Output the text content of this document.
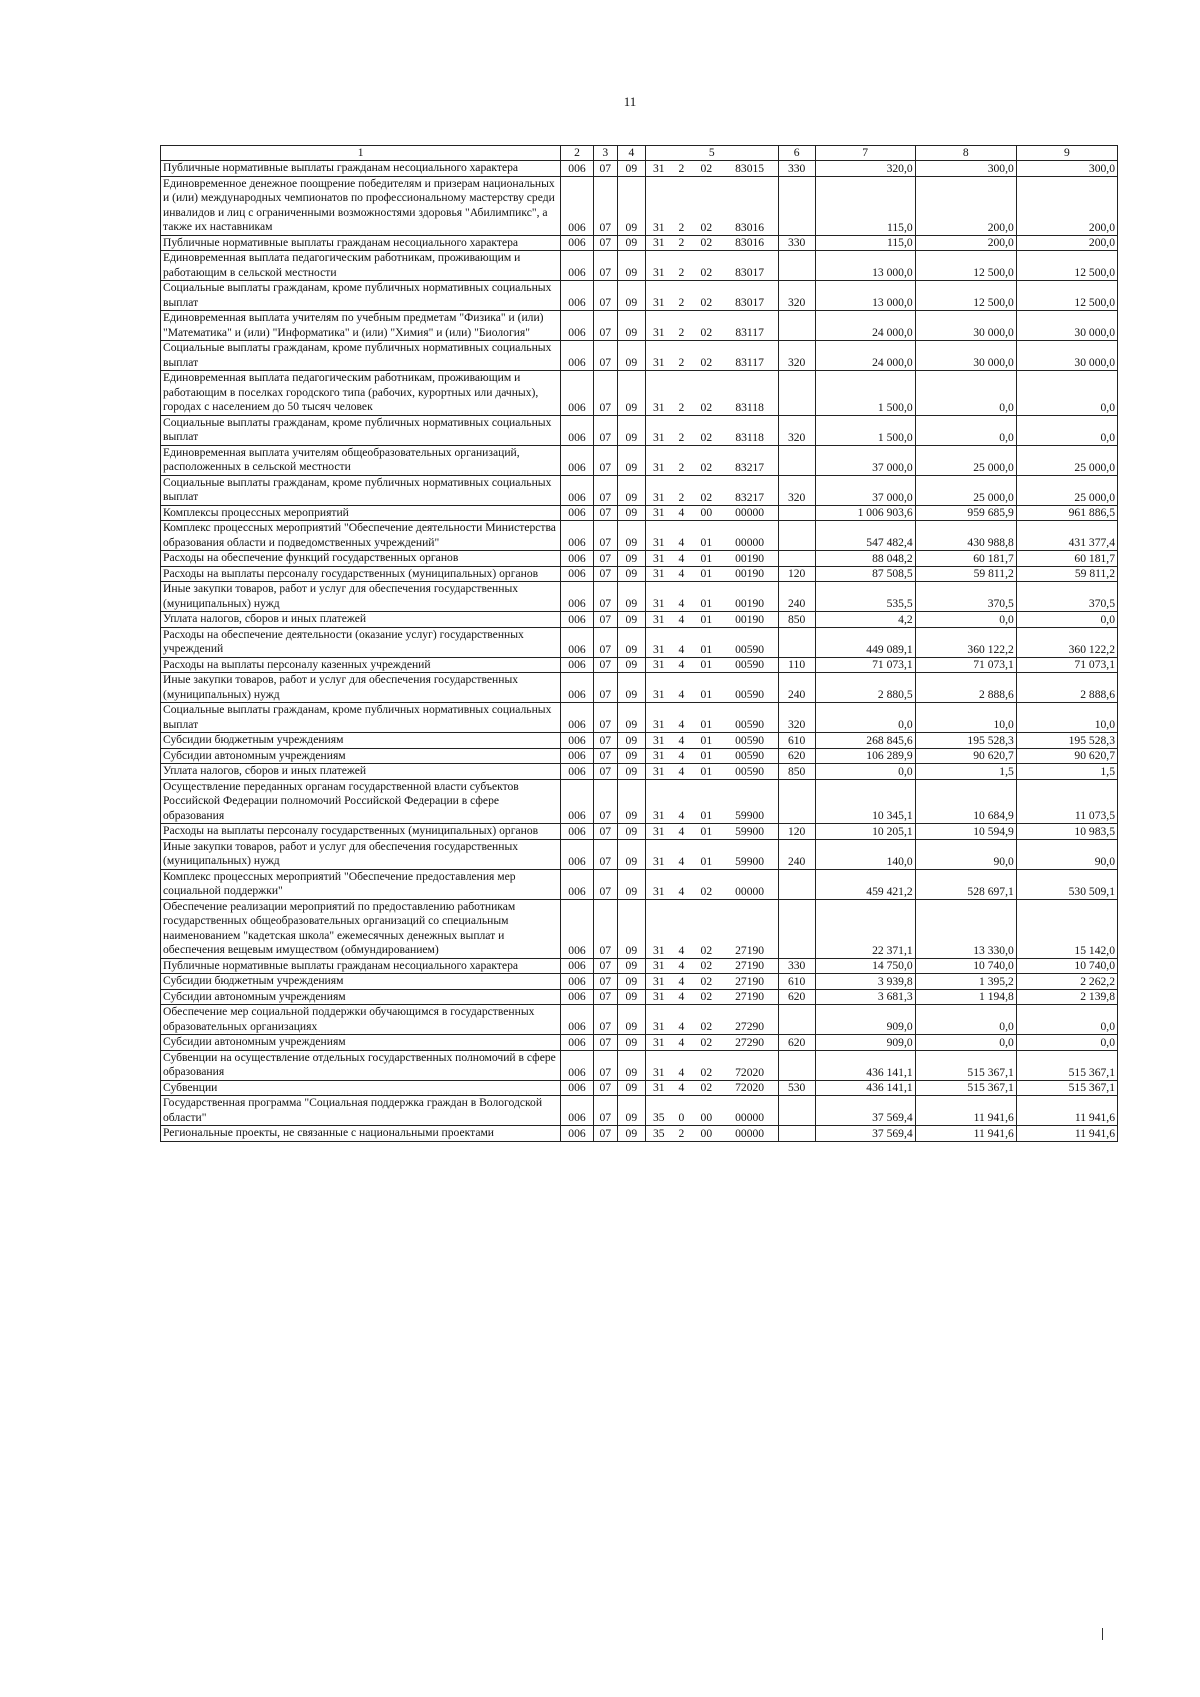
11
1	2	3	4	5				6	7	8	9
Публичные нормативные выплаты гражданам несоциального характера	006	07	09	31	2	02	83015	330	320,0	300,0	300,0
Единовременное денежное поощрение победителям и призерам национальных и (или) международных чемпионатов по профессиональному мастерству среди инвалидов и лиц с ограниченными возможностями здоровья "Абилимпикс", а также их наставникам	006	07	09	31	2	02	83016		115,0	200,0	200,0
Публичные нормативные выплаты гражданам несоциального характера	006	07	09	31	2	02	83016	330	115,0	200,0	200,0
Единовременная выплата педагогическим работникам, проживающим и работающим в сельской местности	006	07	09	31	2	02	83017		13 000,0	12 500,0	12 500,0
Социальные выплаты гражданам, кроме публичных нормативных социальных выплат	006	07	09	31	2	02	83017	320	13 000,0	12 500,0	12 500,0
Единовременная выплата учителям по учебным предметам "Физика" и (или) "Математика" и (или) "Информатика" и (или) "Химия" и (или) "Биология"	006	07	09	31	2	02	83117		24 000,0	30 000,0	30 000,0
Социальные выплаты гражданам, кроме публичных нормативных социальных выплат	006	07	09	31	2	02	83117	320	24 000,0	30 000,0	30 000,0
Единовременная выплата педагогическим работникам, проживающим и работающим в поселках городского типа (рабочих, курортных или дачных), городах с населением до 50 тысяч человек	006	07	09	31	2	02	83118		1 500,0	0,0	0,0
Социальные выплаты гражданам, кроме публичных нормативных социальных выплат	006	07	09	31	2	02	83118	320	1 500,0	0,0	0,0
Единовременная выплата учителям общеобразовательных организаций, расположенных в сельской местности	006	07	09	31	2	02	83217		37 000,0	25 000,0	25 000,0
Социальные выплаты гражданам, кроме публичных нормативных социальных выплат	006	07	09	31	2	02	83217	320	37 000,0	25 000,0	25 000,0
Комплексы процессных мероприятий	006	07	09	31	4	00	00000		1 006 903,6	959 685,9	961 886,5
Комплекс процессных мероприятий "Обеспечение деятельности Министерства образования области и подведомственных учреждений"	006	07	09	31	4	01	00000		547 482,4	430 988,8	431 377,4
Расходы на обеспечение функций государственных органов	006	07	09	31	4	01	00190		88 048,2	60 181,7	60 181,7
Расходы на выплаты персоналу государственных (муниципальных) органов	006	07	09	31	4	01	00190	120	87 508,5	59 811,2	59 811,2
Иные закупки товаров, работ и услуг для обеспечения государственных (муниципальных) нужд	006	07	09	31	4	01	00190	240	535,5	370,5	370,5
Уплата налогов, сборов и иных платежей	006	07	09	31	4	01	00190	850	4,2	0,0	0,0
Расходы на обеспечение деятельности (оказание услуг) государственных учреждений	006	07	09	31	4	01	00590		449 089,1	360 122,2	360 122,2
Расходы на выплаты персоналу казенных учреждений	006	07	09	31	4	01	00590	110	71 073,1	71 073,1	71 073,1
Иные закупки товаров, работ и услуг для обеспечения государственных (муниципальных) нужд	006	07	09	31	4	01	00590	240	2 880,5	2 888,6	2 888,6
Социальные выплаты гражданам, кроме публичных нормативных социальных выплат	006	07	09	31	4	01	00590	320	0,0	10,0	10,0
Субсидии бюджетным учреждениям	006	07	09	31	4	01	00590	610	268 845,6	195 528,3	195 528,3
Субсидии автономным учреждениям	006	07	09	31	4	01	00590	620	106 289,9	90 620,7	90 620,7
Уплата налогов, сборов и иных платежей	006	07	09	31	4	01	00590	850	0,0	1,5	1,5
Осуществление переданных органам государственной власти субъектов Российской Федерации полномочий Российской Федерации в сфере образования	006	07	09	31	4	01	59900		10 345,1	10 684,9	11 073,5
Расходы на выплаты персоналу государственных (муниципальных) органов	006	07	09	31	4	01	59900	120	10 205,1	10 594,9	10 983,5
Иные закупки товаров, работ и услуг для обеспечения государственных (муниципальных) нужд	006	07	09	31	4	01	59900	240	140,0	90,0	90,0
Комплекс процессных мероприятий "Обеспечение предоставления мер социальной поддержки"	006	07	09	31	4	02	00000		459 421,2	528 697,1	530 509,1
Обеспечение реализации мероприятий по предоставлению работникам государственных общеобразовательных организаций со специальным наименованием "кадетская школа" ежемесячных денежных выплат и обеспечения вещевым имуществом (обмундированием)	006	07	09	31	4	02	27190		22 371,1	13 330,0	15 142,0
Публичные нормативные выплаты гражданам несоциального характера	006	07	09	31	4	02	27190	330	14 750,0	10 740,0	10 740,0
Субсидии бюджетным учреждениям	006	07	09	31	4	02	27190	610	3 939,8	1 395,2	2 262,2
Субсидии автономным учреждениям	006	07	09	31	4	02	27190	620	3 681,3	1 194,8	2 139,8
Обеспечение мер социальной поддержки обучающимся в государственных образовательных организациях	006	07	09	31	4	02	27290		909,0	0,0	0,0
Субсидии автономным учреждениям	006	07	09	31	4	02	27290	620	909,0	0,0	0,0
Субвенции на осуществление отдельных государственных полномочий в сфере образования	006	07	09	31	4	02	72020		436 141,1	515 367,1	515 367,1
Субвенции	006	07	09	31	4	02	72020	530	436 141,1	515 367,1	515 367,1
Государственная программа "Социальная поддержка граждан в Вологодской области"	006	07	09	35	0	00	00000		37 569,4	11 941,6	11 941,6
Региональные проекты, не связанные с национальными проектами	006	07	09	35	2	00	00000		37 569,4	11 941,6	11 941,6
